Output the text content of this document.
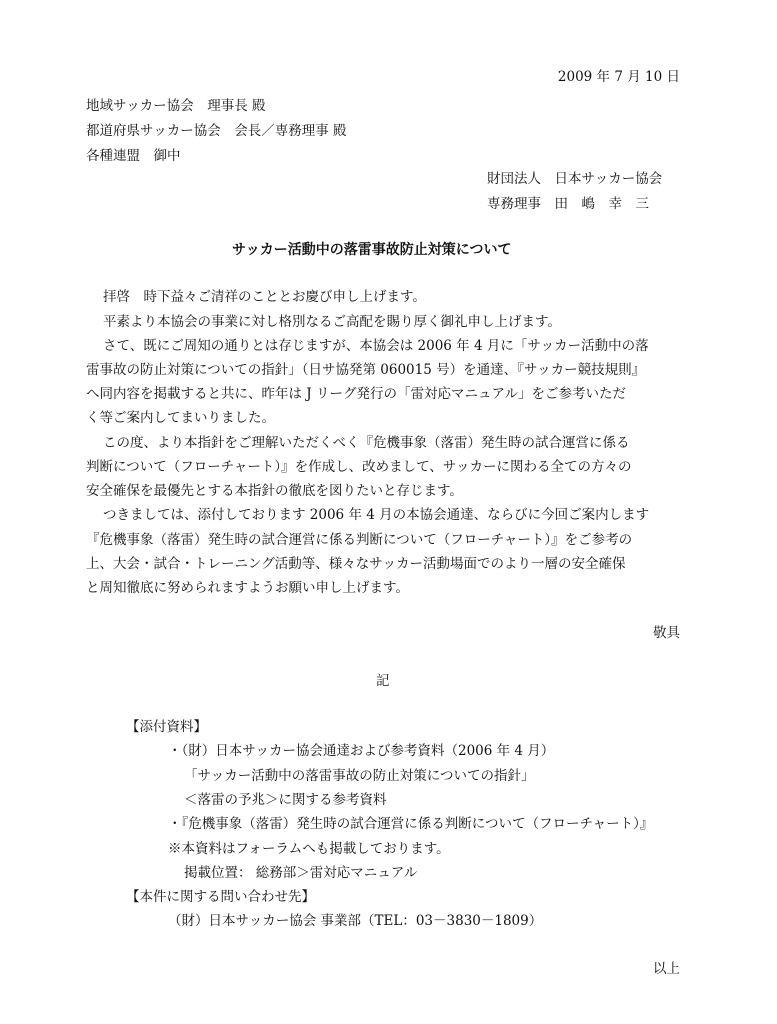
2009 年 7 月 10 日
地域サッカー協会　理事長 殿
都道府県サッカー協会　会長／専務理事 殿
各種連盟　御中
財団法人　日本サッカー協会
専務理事　田　嶋　幸　三
サッカー活動中の落雷事故防止対策について
拝啓　時下益々ご清祥のこととお慶び申し上げます。
平素より本協会の事業に対し格別なるご高配を賜り厚く御礼申し上げます。
さて、既にご周知の通りとは存じますが、本協会は 2006 年 4 月に「サッカー活動中の落
雷事故の防止対策についての指針」（日サ協発第 060015 号）を通達、『サッカー競技規則』
へ同内容を掲載すると共に、昨年は J リーグ発行の「雷対応マニュアル」をご参考いただ
く等ご案内してまいりました。
この度、より本指針をご理解いただくべく『危機事象（落雷）発生時の試合運営に係る
判断について（フローチャート）』を作成し、改めまして、サッカーに関わる全ての方々の
安全確保を最優先とする本指針の徹底を図りたいと存じます。
つきましては、添付しております 2006 年 4 月の本協会通達、ならびに今回ご案内します
『危機事象（落雷）発生時の試合運営に係る判断について（フローチャート）』をご参考の
上、大会・試合・トレーニング活動等、様々なサッカー活動場面でのより一層の安全確保
と周知徹底に努められますようお願い申し上げます。
敬具
記
【添付資料】
・（財）日本サッカー協会通達および参考資料（2006 年 4 月）
「サッカー活動中の落雷事故の防止対策についての指針」
＜落雷の予兆＞に関する参考資料
・『危機事象（落雷）発生時の試合運営に係る判断について（フローチャート）』
※本資料はフォーラムへも掲載しております。
掲載位置： 総務部＞雷対応マニュアル
【本件に関する問い合わせ先】
（財）日本サッカー協会 事業部（TEL：03－3830－1809）
以上
